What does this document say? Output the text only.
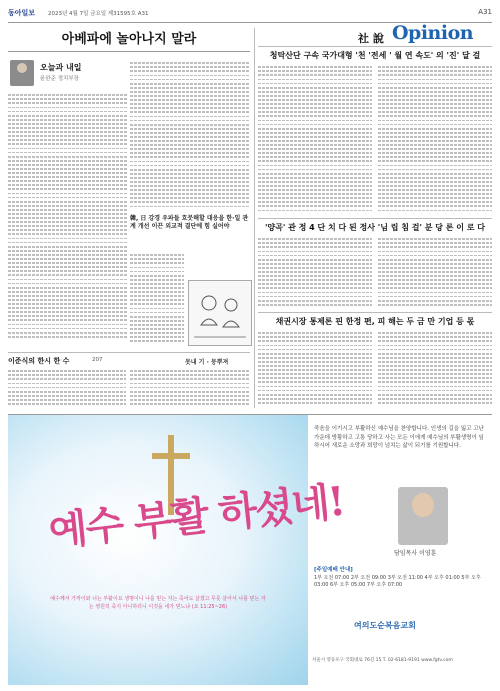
동아일보 2023년 4월 7일 금요일 제31595호 A31	A31
Opinion
아베파에 놀아나지 말라
오늘과 내일
윤완준 정치부장
韓, 日 강경 우파들 흐뭇해할 대응을 한·일 관계 개선 이끈 외교적 결단에 힘 실어야
이준식의 한시 한 수	207	못내 기 · 뭉뿌져
社 說
청탁산단 구속 국가대형 '천 '전세 ' 월 연 속도' 의 '진' 달 걸
'양곡' 관 정 4 단 치 다 된 정사 '님 립 침 걸' 분 당 론 이 로 다
채권시장 통제론 핀 한정 편, 피 해는 두 금 만 기업 등 몫
예수 부활 하셨네!
예수께서 가까이와 너는 부활이요 생명이니 나를 믿는 자는 죽어도 살겠고 무릇 살아서 나를 믿는 자는 영원히 죽지 아니하리니 이것을 네가 믿느냐 (요 11:25~26)
죽음을 이기시고 부활하신 예수님을 찬양합니다. 인생의 길을 잃고 고난 가운데 방황하고 고통 당하고 사는 모든 이에게 예수님의 부활생명이 임하시어 새로운 소망과 희망이 넘치는 삶이 되기를 기원합니다.
담임목사 이영훈
[주일예배 안내]
1부 오전 07:00 2부 오전 09:00 3부 오전 11:00 4부 오후 01:00 5부 오후 03:00 6부 오후 05:00 7부 오후 07:00
여의도순복음교회
서울시 영등포구 국회대로 76길 15 T. 02-6181-9191 www.fgtv.com
